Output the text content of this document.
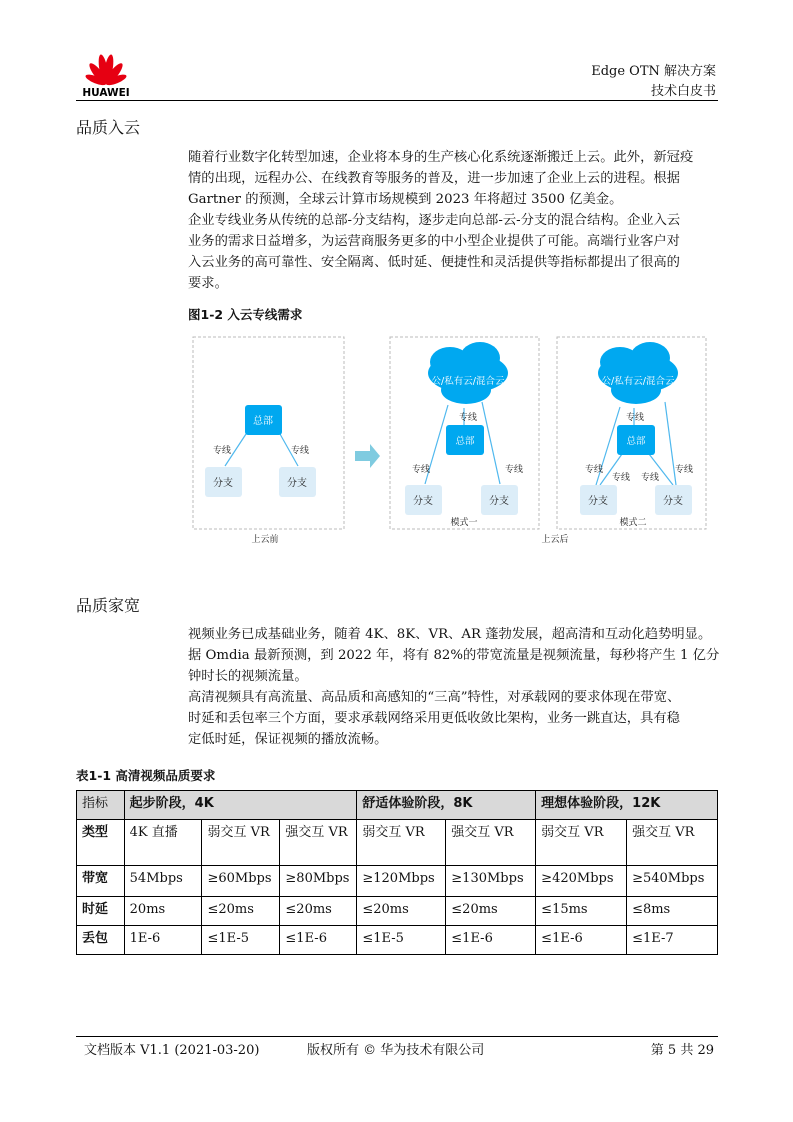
HUAWEI
Edge OTN 解决方案
技术白皮书
品质入云
随着行业数字化转型加速，企业将本身的生产核心化系统逐渐搬迁上云。此外，新冠疫
情的出现，远程办公、在线教育等服务的普及，进一步加速了企业上云的进程。根据
Gartner 的预测，全球云计算市场规模到 2023 年将超过 3500 亿美金。
企业专线业务从传统的总部-分支结构，逐步走向总部-云-分支的混合结构。企业入云
业务的需求日益增多，为运营商服务更多的中小型企业提供了可能。高端行业客户对
入云业务的高可靠性、安全隔离、低时延、便捷性和灵活提供等指标都提出了很高的
要求。
图1-2 入云专线需求
总部
分支	分支
分支	分支	分支	分支
公/私有云/混合云	公/私有云/混合云
总部	总部
专线	专线
专线
专线	专线
专线
专线	专线
专线 专线
模式一	模式二
上云前	上云后
品质家宽
视频业务已成基础业务，随着 4K、8K、VR、AR 蓬勃发展，超高清和互动化趋势明显。
据 Omdia 最新预测，到 2022 年，将有 82%的带宽流量是视频流量，每秒将产生 1 亿分
钟时长的视频流量。
高清视频具有高流量、高品质和高感知的“三高”特性，对承载网的要求体现在带宽、
时延和丢包率三个方面，要求承载网络采用更低收敛比架构，业务一跳直达，具有稳
定低时延，保证视频的播放流畅。
表1-1 高清视频品质要求
指标	起步阶段，4K			舒适体验阶段，8K		理想体验阶段，12K	
类型	4K 直播	弱交互 VR	强交互 VR	弱交互 VR	强交互 VR	弱交互 VR	强交互 VR
带宽	54Mbps	≥60Mbps	≥80Mbps	≥120Mbps	≥130Mbps	≥420Mbps	≥540Mbps
时延	20ms	≤20ms	≤20ms	≤20ms	≤20ms	≤15ms	≤8ms
丢包	1E-6	≤1E-5	≤1E-6	≤1E-5	≤1E-6	≤1E-6	≤1E-7
文档版本 V1.1 (2021-03-20)	版权所有 © 华为技术有限公司	第 5 共 29
